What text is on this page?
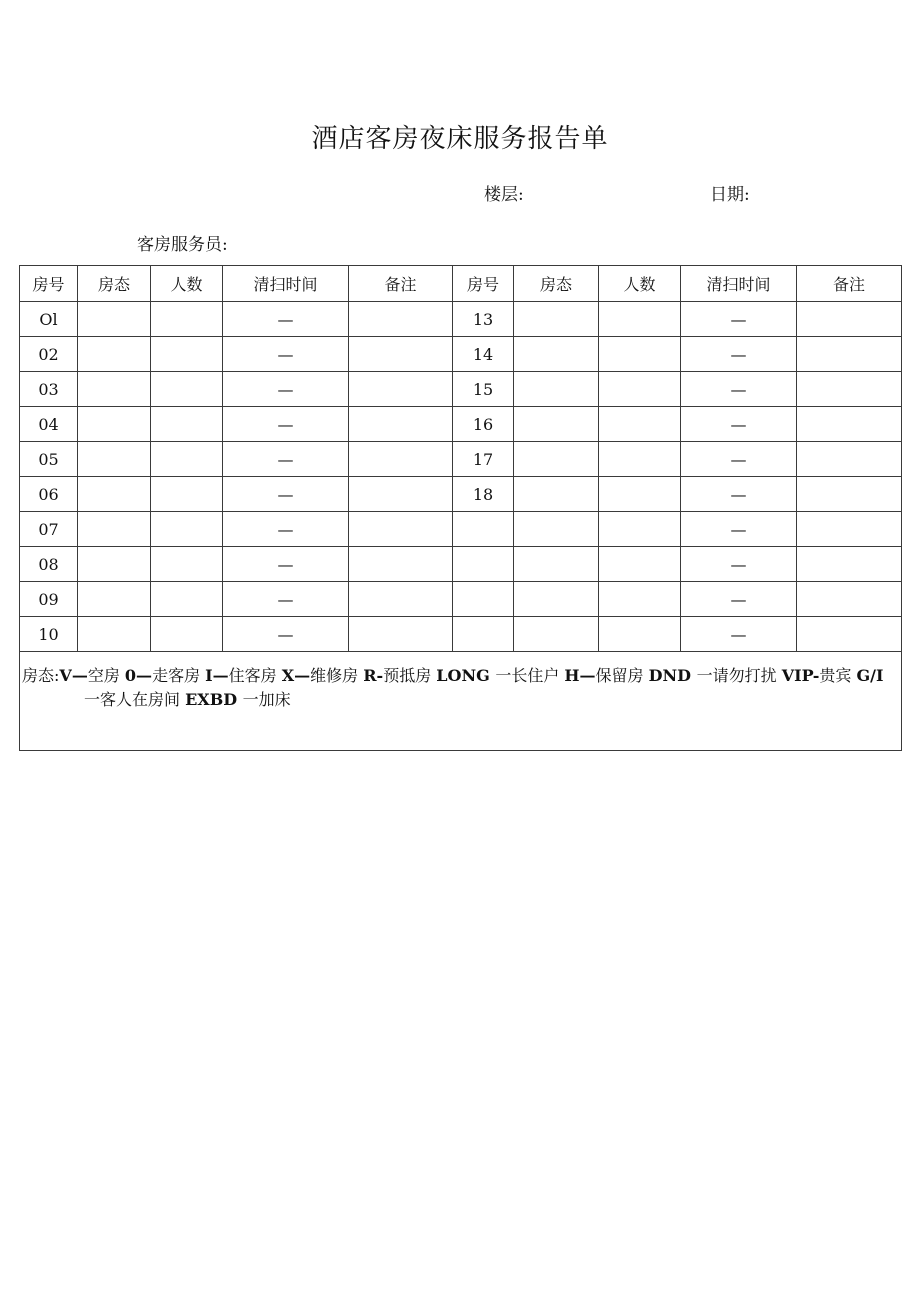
酒店客房夜床服务报告单
楼层:	日期:
客房服务员:
房号	房态	人数	清扫时间	备注	房号	房态	人数	清扫时间	备注
Ol			—		13			—	
02			—		14			—	
03			—		15			—	
04			—		16			—	
05			—		17			—	
06			—		18			—	
07			—					—	
08			—					—	
09			—					—	
10			—					—	

房态:V—空房 0—走客房 I—住客房 X—维修房 R-预抵房 LONG 一长住户 H—保留房 DND 一请勿打扰 VIP-贵宾 G/I 一客人在房间 EXBD 一加床									
